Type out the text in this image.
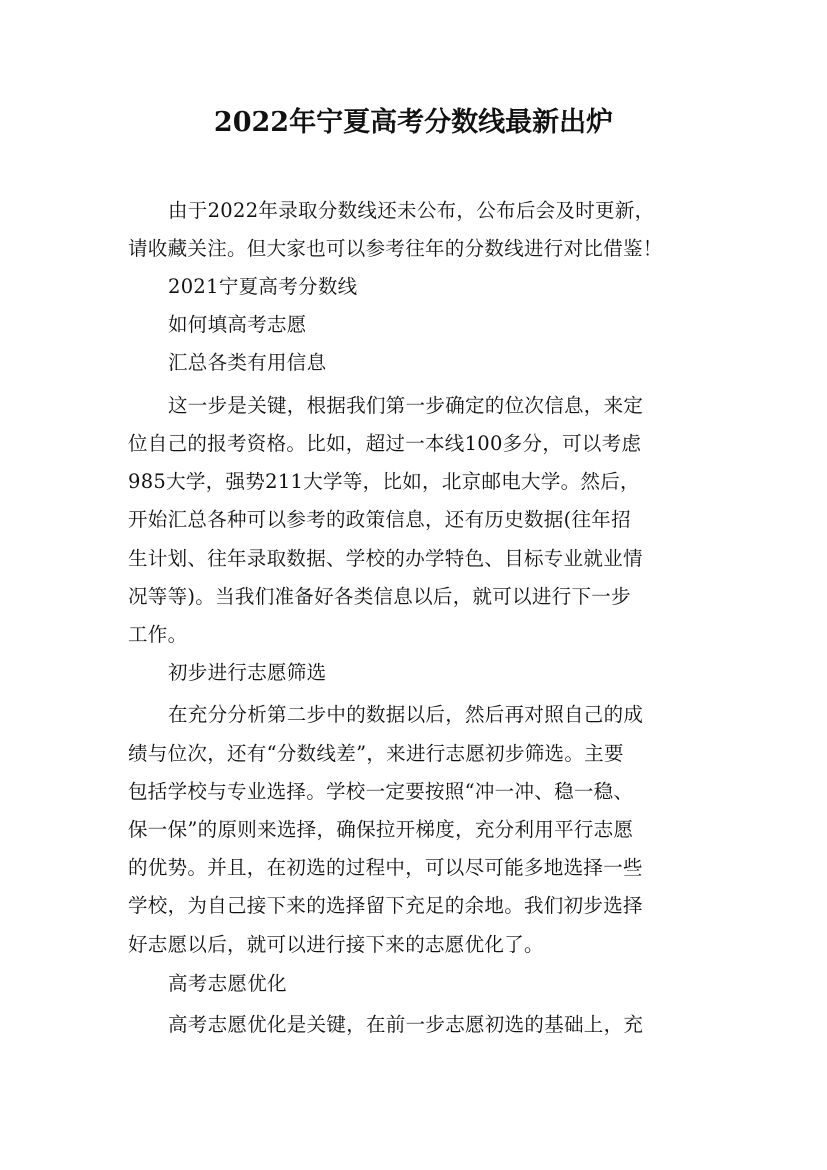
2022年宁夏高考分数线最新出炉
由于2022年录取分数线还未公布，公布后会及时更新，
请收藏关注。但大家也可以参考往年的分数线进行对比借鉴！
2021宁夏高考分数线
如何填高考志愿
汇总各类有用信息
这一步是关键，根据我们第一步确定的位次信息，来定
位自己的报考资格。比如，超过一本线100多分，可以考虑
985大学，强势211大学等，比如，北京邮电大学。然后，
开始汇总各种可以参考的政策信息，还有历史数据(往年招
生计划、往年录取数据、学校的办学特色、目标专业就业情
况等等)。当我们准备好各类信息以后，就可以进行下一步
工作。
初步进行志愿筛选
在充分分析第二步中的数据以后，然后再对照自己的成
绩与位次，还有“分数线差”，来进行志愿初步筛选。主要
包括学校与专业选择。学校一定要按照“冲一冲、稳一稳、
保一保”的原则来选择，确保拉开梯度，充分利用平行志愿
的优势。并且，在初选的过程中，可以尽可能多地选择一些
学校，为自己接下来的选择留下充足的余地。我们初步选择
好志愿以后，就可以进行接下来的志愿优化了。
高考志愿优化
高考志愿优化是关键，在前一步志愿初选的基础上，充
